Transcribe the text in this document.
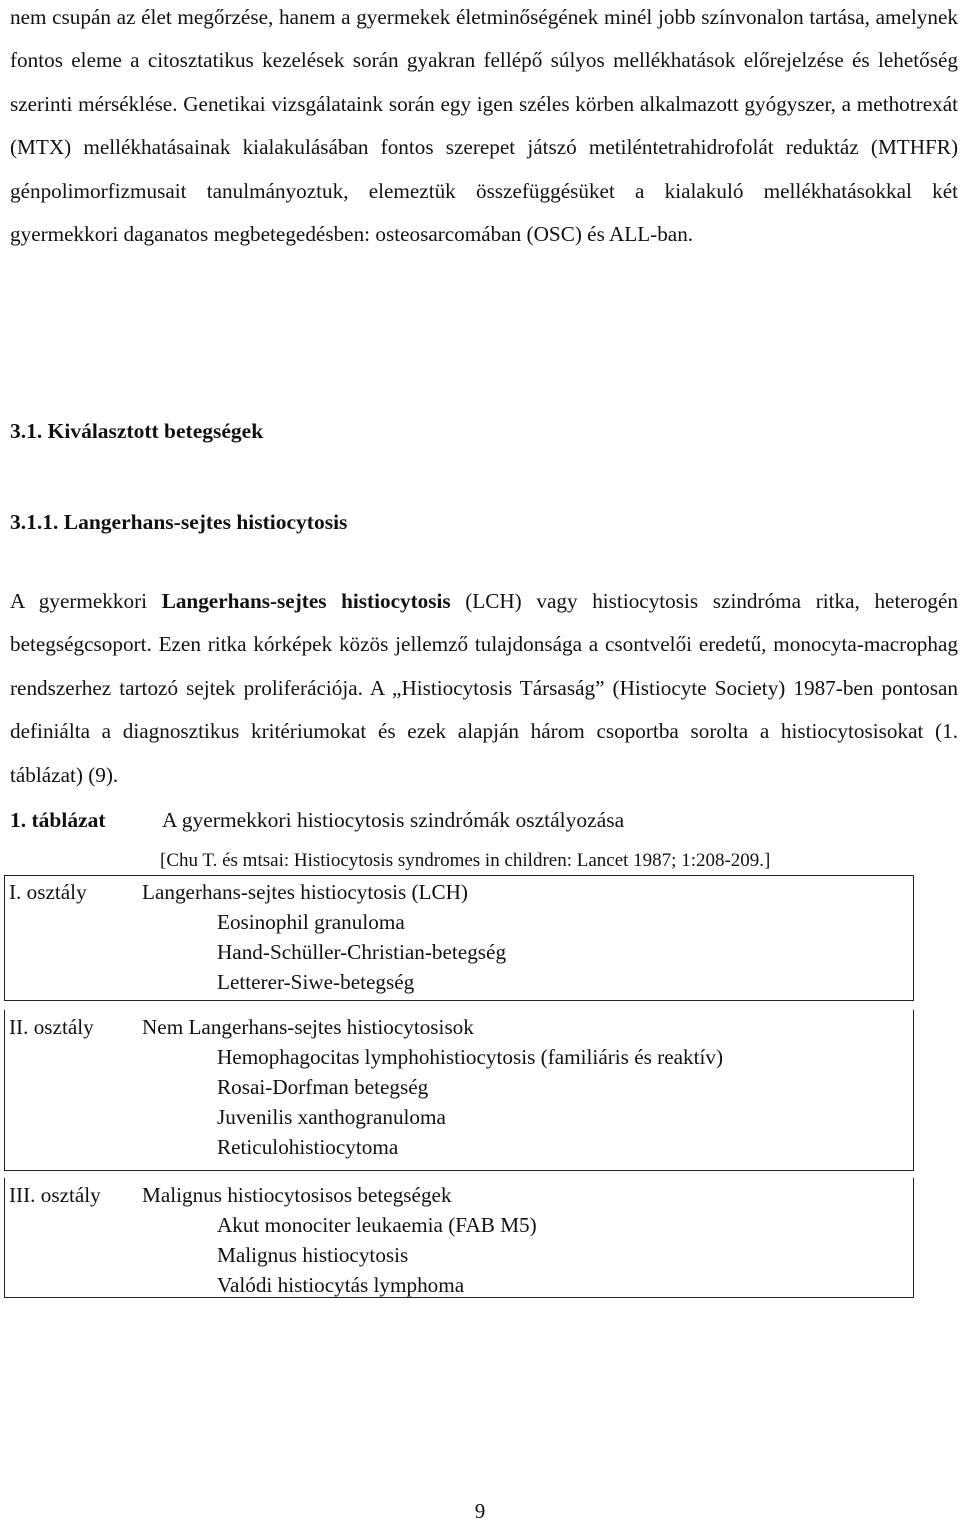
nem csupán az élet megőrzése, hanem a gyermekek életminőségének minél jobb színvonalon tartása, amelynek fontos eleme a citosztatikus kezelések során gyakran fellépő súlyos mellékhatások előrejelzése és lehetőség szerinti mérséklése. Genetikai vizsgálataink során egy igen széles körben alkalmazott gyógyszer, a methotrexát (MTX) mellékhatásainak kialakulásában fontos szerepet játszó metiléntetrahidrofolát reduktáz (MTHFR) génpolimorfizmusait tanulmányoztuk, elemeztük összefüggésüket a kialakuló mellékhatásokkal két gyermekkori daganatos megbetegedésben: osteosarcomában (OSC) és ALL-ban.

3.1. Kiválasztott betegségek
3.1.1. Langerhans-sejtes histiocytosis

A gyermekkori Langerhans-sejtes histiocytosis (LCH) vagy histiocytosis szindróma ritka, heterogén betegségcsoport. Ezen ritka kórképek közös jellemző tulajdonsága a csontvelői eredetű, monocyta-macrophag rendszerhez tartozó sejtek proliferációja. A „Histiocytosis Társaság” (Histiocyte Society) 1987-ben pontosan definiálta a diagnosztikus kritériumokat és ezek alapján három csoportba sorolta a histiocytosisokat (1. táblázat) (9).

1. táblázat	A gyermekkori histiocytosis szindrómák osztályozása
[Chu T. és mtsai: Histiocytosis syndromes in children: Lancet 1987; 1:208-209.]
I. osztály	Langerhans-sejtes histiocytosis (LCH)
Eosinophil granuloma
Hand-Schüller-Christian-betegség
Letterer-Siwe-betegség
II. osztály Nem Langerhans-sejtes histiocytosisok
Hemophagocitas lymphohistiocytosis (familiáris és reaktív)
Rosai-Dorfman betegség
Juvenilis xanthogranuloma
Reticulohistiocytoma
III. osztály Malignus histiocytosisos betegségek
Akut monociter leukaemia (FAB M5)
Malignus histiocytosis
Valódi histiocytás lymphoma
9
